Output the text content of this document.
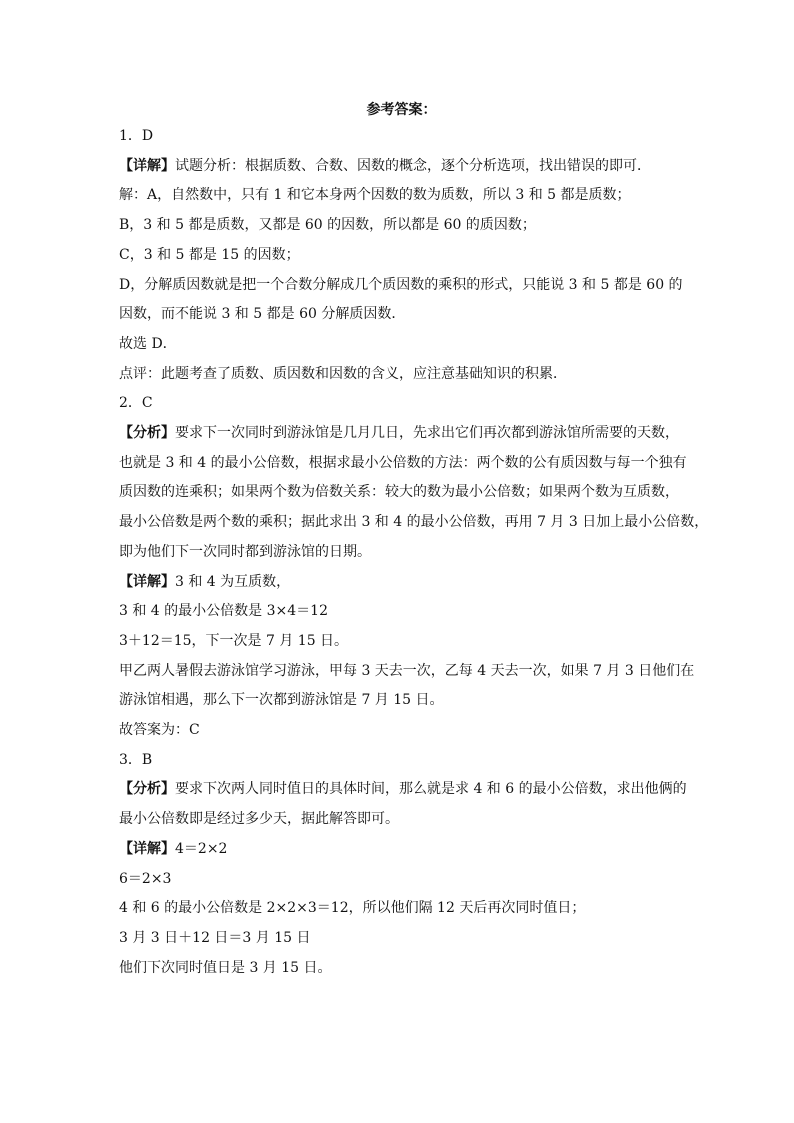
参考答案：

1．D

【详解】试题分析：根据质数、合数、因数的概念，逐个分析选项，找出错误的即可．

解：A，自然数中，只有 1 和它本身两个因数的数为质数，所以 3 和 5 都是质数；

B，3 和 5 都是质数，又都是 60 的因数，所以都是 60 的质因数；

C，3 和 5 都是 15 的因数；

D，分解质因数就是把一个合数分解成几个质因数的乘积的形式，只能说 3 和 5 都是 60 的

因数，而不能说 3 和 5 都是 60 分解质因数．

故选 D．

点评：此题考查了质数、质因数和因数的含义，应注意基础知识的积累．

2．C

【分析】要求下一次同时到游泳馆是几月几日，先求出它们再次都到游泳馆所需要的天数，

也就是 3 和 4 的最小公倍数，根据求最小公倍数的方法：两个数的公有质因数与每一个独有

质因数的连乘积；如果两个数为倍数关系：较大的数为最小公倍数；如果两个数为互质数，

最小公倍数是两个数的乘积；据此求出 3 和 4 的最小公倍数，再用 7 月 3 日加上最小公倍数，

即为他们下一次同时都到游泳馆的日期。

【详解】3 和 4 为互质数，

3 和 4 的最小公倍数是 3×4＝12

3＋12＝15，下一次是 7 月 15 日。

甲乙两人暑假去游泳馆学习游泳，甲每 3 天去一次，乙每 4 天去一次，如果 7 月 3 日他们在

游泳馆相遇，那么下一次都到游泳馆是 7 月 15 日。

故答案为：C

3．B

【分析】要求下次两人同时值日的具体时间，那么就是求 4 和 6 的最小公倍数，求出他俩的

最小公倍数即是经过多少天，据此解答即可。

【详解】4＝2×2

6＝2×3

4 和 6 的最小公倍数是 2×2×3＝12，所以他们隔 12 天后再次同时值日；

3 月 3 日＋12 日＝3 月 15 日

他们下次同时值日是 3 月 15 日。
